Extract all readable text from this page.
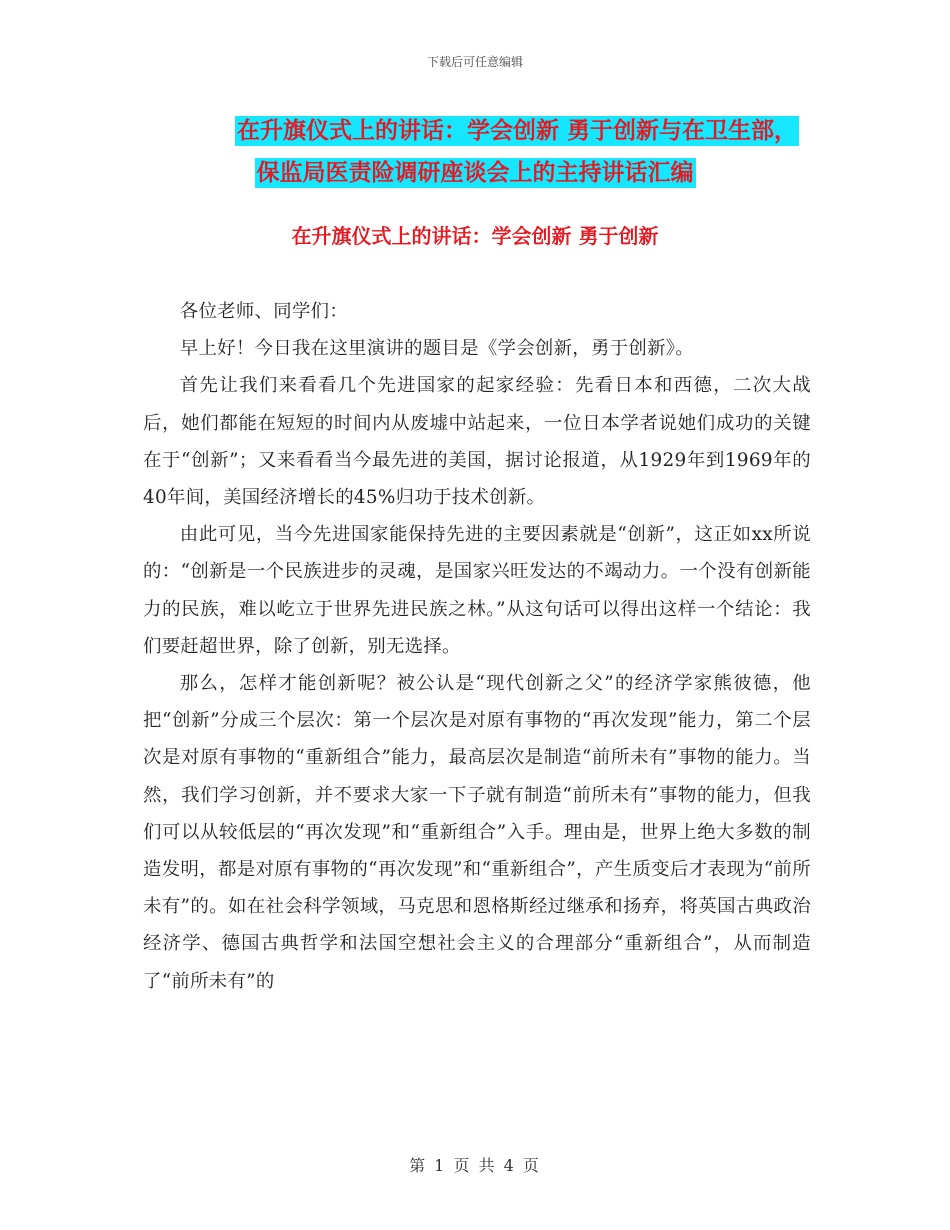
下载后可任意编辑
在升旗仪式上的讲话：学会创新 勇于创新与在卫生部，
保监局医责险调研座谈会上的主持讲话汇编
在升旗仪式上的讲话：学会创新 勇于创新

各位老师、同学们：

早上好！今日我在这里演讲的题目是《学会创新，勇于创新》。

首先让我们来看看几个先进国家的起家经验：先看日本和西德，二次大战后，她们都能在短短的时间内从废墟中站起来，一位日本学者说她们成功的关键在于“创新”；又来看看当今最先进的美国，据讨论报道，从1929年到1969年的40年间，美国经济增长的45%归功于技术创新。

由此可见，当今先进国家能保持先进的主要因素就是“创新”，这正如xx所说的：“创新是一个民族进步的灵魂，是国家兴旺发达的不竭动力。一个没有创新能力的民族，难以屹立于世界先进民族之林。”从这句话可以得出这样一个结论：我们要赶超世界，除了创新，别无选择。

那么，怎样才能创新呢？被公认是“现代创新之父”的经济学家熊彼德，他把“创新”分成三个层次：第一个层次是对原有事物的“再次发现”能力，第二个层次是对原有事物的“重新组合”能力，最高层次是制造“前所未有”事物的能力。当然，我们学习创新，并不要求大家一下子就有制造“前所未有”事物的能力，但我们可以从较低层的“再次发现”和“重新组合”入手。理由是，世界上绝大多数的制造发明，都是对原有事物的“再次发现”和“重新组合”，产生质变后才表现为“前所未有”的。如在社会科学领域，马克思和恩格斯经过继承和扬弃，将英国古典政治经济学、德国古典哲学和法国空想社会主义的合理部分“重新组合”，从而制造了“前所未有”的

第 1 页 共 4 页
